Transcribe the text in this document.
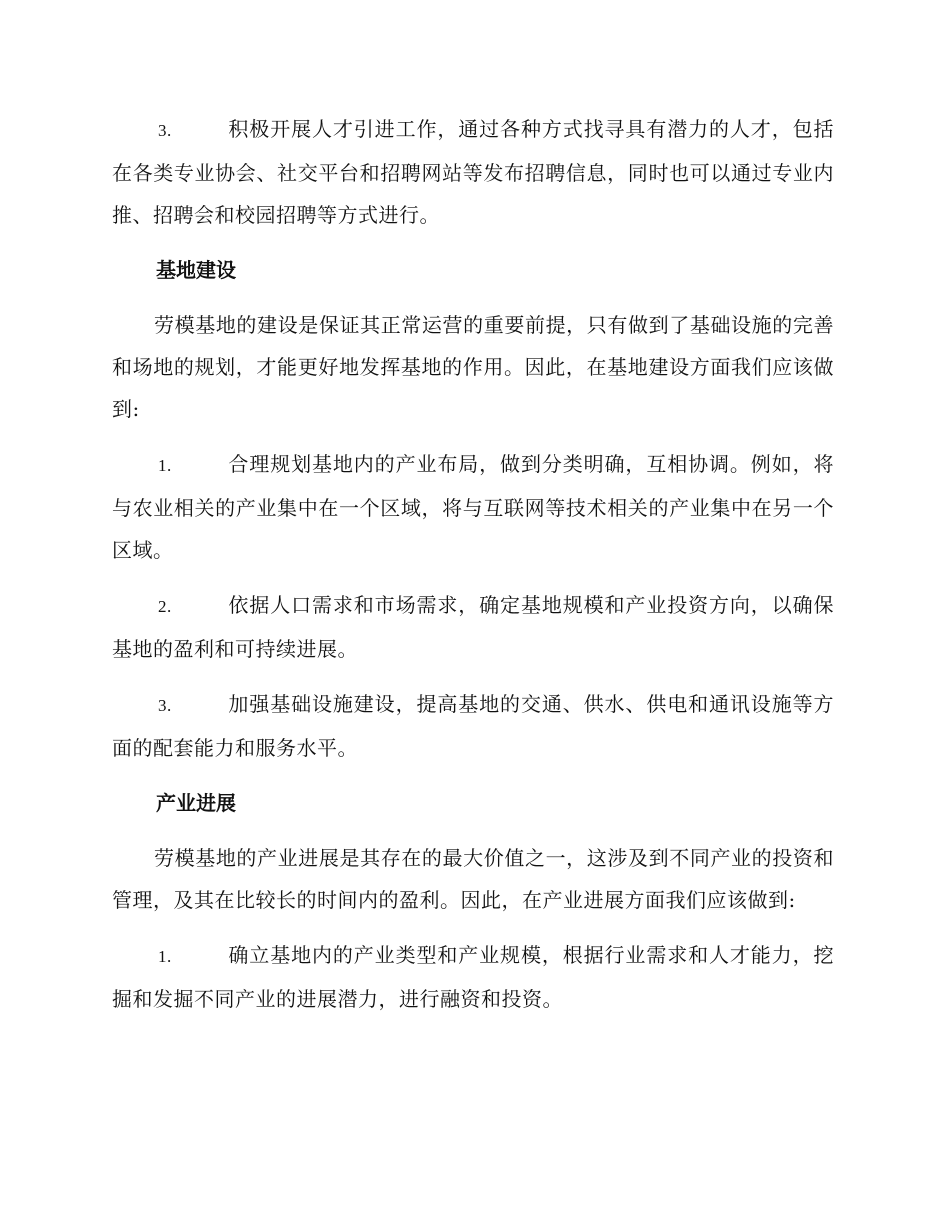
3.	积极开展人才引进工作，通过各种方式找寻具有潜力的人才，包括在各类专业协会、社交平台和招聘网站等发布招聘信息，同时也可以通过专业内推、招聘会和校园招聘等方式进行。

基地建设

劳模基地的建设是保证其正常运营的重要前提，只有做到了基础设施的完善和场地的规划，才能更好地发挥基地的作用。因此，在基地建设方面我们应该做到:

1.	合理规划基地内的产业布局，做到分类明确，互相协调。例如，将与农业相关的产业集中在一个区域，将与互联网等技术相关的产业集中在另一个区域。

2.	依据人口需求和市场需求，确定基地规模和产业投资方向，以确保基地的盈利和可持续进展。

3.	加强基础设施建设，提高基地的交通、供水、供电和通讯设施等方面的配套能力和服务水平。

产业进展

劳模基地的产业进展是其存在的最大价值之一，这涉及到不同产业的投资和管理，及其在比较长的时间内的盈利。因此，在产业进展方面我们应该做到:

1.	确立基地内的产业类型和产业规模，根据行业需求和人才能力，挖掘和发掘不同产业的进展潜力，进行融资和投资。
